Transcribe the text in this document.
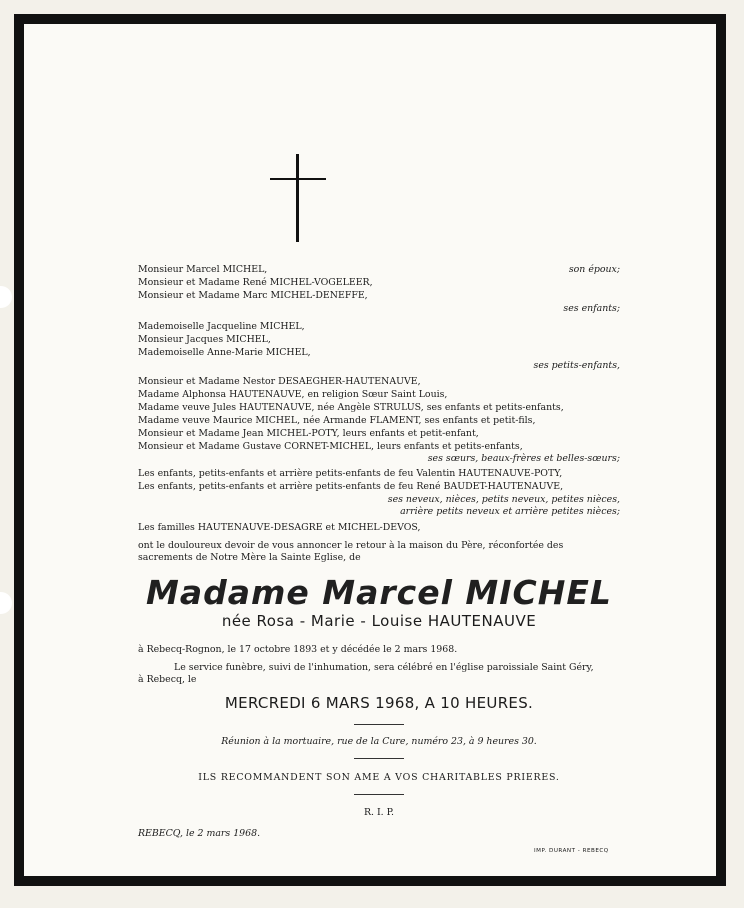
Monsieur Marcel MICHEL,	son époux;
Monsieur et Madame René MICHEL-VOGELEER,
Monsieur et Madame Marc MICHEL-DENEFFE,
ses enfants;
Mademoiselle Jacqueline MICHEL,
Monsieur Jacques MICHEL,
Mademoiselle Anne-Marie MICHEL,
ses petits-enfants,
Monsieur et Madame Nestor DESAEGHER-HAUTENAUVE,
Madame Alphonsa HAUTENAUVE, en religion Sœur Saint Louis,
Madame veuve Jules HAUTENAUVE, née Angèle STRULUS, ses enfants et petits-enfants,
Madame veuve Maurice MICHEL, née Armande FLAMENT, ses enfants et petit-fils,
Monsieur et Madame Jean MICHEL-POTY, leurs enfants et petit-enfant,
Monsieur et Madame Gustave CORNET-MICHEL, leurs enfants et petits-enfants,
ses sœurs, beaux-frères et belles-sœurs;
Les enfants, petits-enfants et arrière petits-enfants de feu Valentin HAUTENAUVE-POTY,
Les enfants, petits-enfants et arrière petits-enfants de feu René BAUDET-HAUTENAUVE,
ses neveux, nièces, petits neveux, petites nièces,
arrière petits neveux et arrière petites nièces;
Les familles HAUTENAUVE-DESAGRE et MICHEL-DEVOS,
ont le douloureux devoir de vous annoncer le retour à la maison du Père, réconfortée des
sacrements de Notre Mère la Sainte Eglise, de
Madame Marcel MICHEL
née Rosa - Marie - Louise HAUTENAUVE
à Rebecq-Rognon, le 17 octobre 1893 et y décédée le 2 mars 1968.
Le service funèbre, suivi de l'inhumation, sera célébré en l'église paroissiale Saint Géry,
à Rebecq, le
MERCREDI 6 MARS 1968, A 10 HEURES.
Réunion à la mortuaire, rue de la Cure, numéro 23, à 9 heures 30.
ILS RECOMMANDENT SON AME A VOS CHARITABLES PRIERES.
R. I. P.
REBECQ, le 2 mars 1968.
IMP. DURANT - REBECQ
